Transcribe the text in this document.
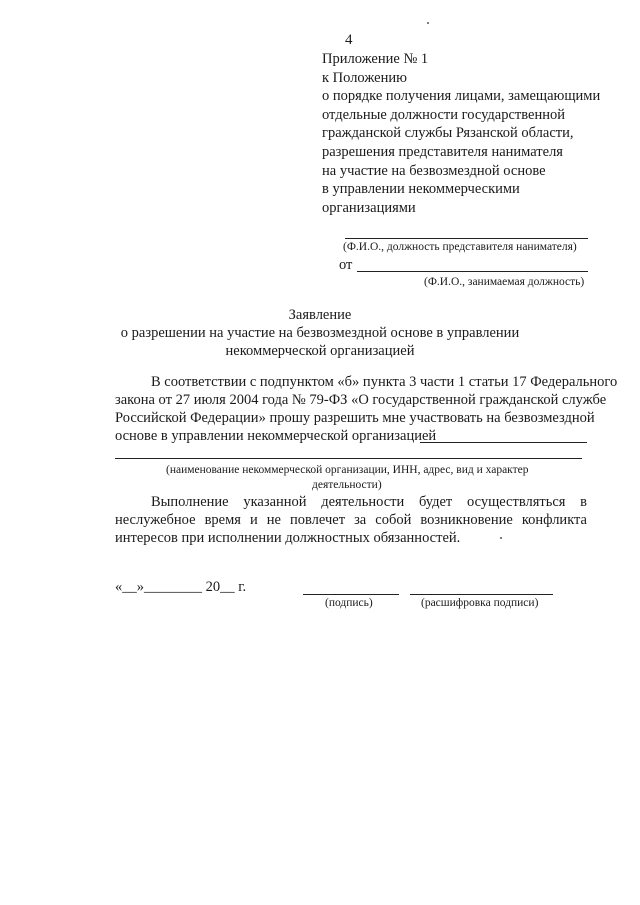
4
Приложение № 1
к Положению
о порядке получения лицами, замещающими
отдельные должности государственной
гражданской службы Рязанской области,
разрешения представителя нанимателя
на участие на безвозмездной основе
в управлении некоммерческими
организациями
(Ф.И.О., должность представителя нанимателя)
от
(Ф.И.О., занимаемая должность)
Заявление
о разрешении на участие на безвозмездной основе в управлении
некоммерческой организацией
В соответствии с подпунктом «б» пункта 3 части 1 статьи 17 Федерального
закона от 27 июля 2004 года № 79-ФЗ «О государственной гражданской службе
Российской Федерации» прошу разрешить мне участвовать на безвозмездной
основе в управлении некоммерческой организацией
(наименование некоммерческой организации, ИНН, адрес, вид и характер
деятельности)
Выполнение указанной деятельности будет осуществляться в
неслужебное время и не повлечет за собой возникновение конфликта
интересов при исполнении должностных обязанностей.
«__»________ 20__ г.
(подпись)	(расшифровка подписи)
